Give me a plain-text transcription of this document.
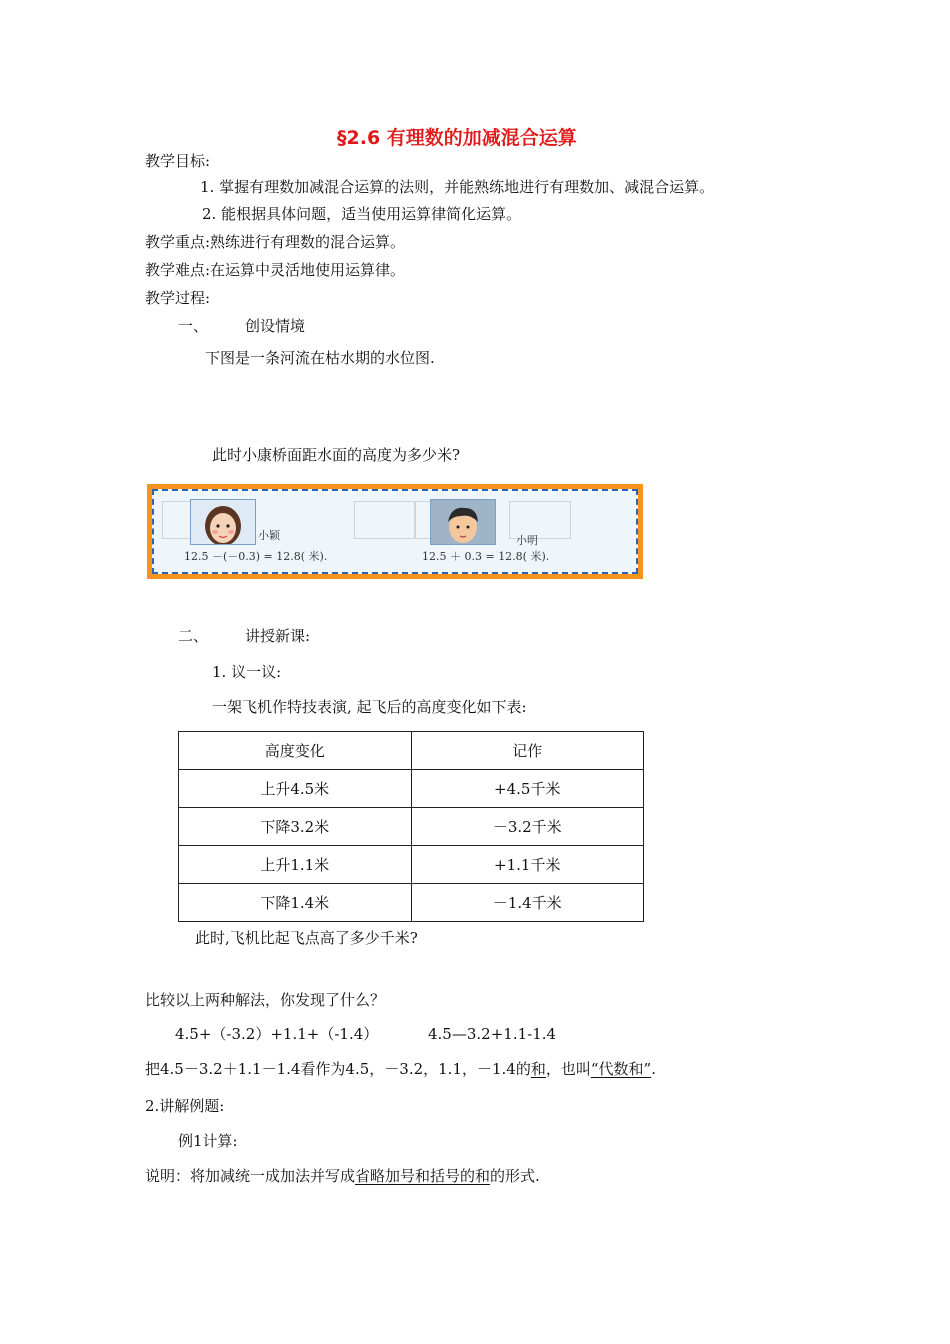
§2.6 有理数的加减混合运算
教学目标:
1. 掌握有理数加减混合运算的法则，并能熟练地进行有理数加、减混合运算。
2. 能根据具体问题，适当使用运算律简化运算。
教学重点:熟练进行有理数的混合运算。
教学难点:在运算中灵活地使用运算律。
教学过程:
一、 创设情境
下图是一条河流在枯水期的水位图.
此时小康桥面距水面的高度为多少米?
小颖
12.5 －(－0.3) = 12.8( 米).
小明
12.5 ＋ 0.3 = 12.8( 米).
二、 讲授新课:
1. 议一议:
一架飞机作特技表演, 起飞后的高度变化如下表:
高度变化	记作
上升4.5米	+4.5千米
下降3.2米	－3.2千米
上升1.1米	+1.1千米
下降1.4米	－1.4千米
此时,飞机比起飞点高了多少千米?
比较以上两种解法，你发现了什么？
4.5+（-3.2）+1.1+（-1.4）	4.5—3.2+1.1-1.4
把4.5－3.2＋1.1－1.4看作为4.5，－3.2，1.1，－1.4的和，也叫“代数和”.
2.讲解例题:
例1计算:
说明：将加减统一成加法并写成省略加号和括号的和的形式.
